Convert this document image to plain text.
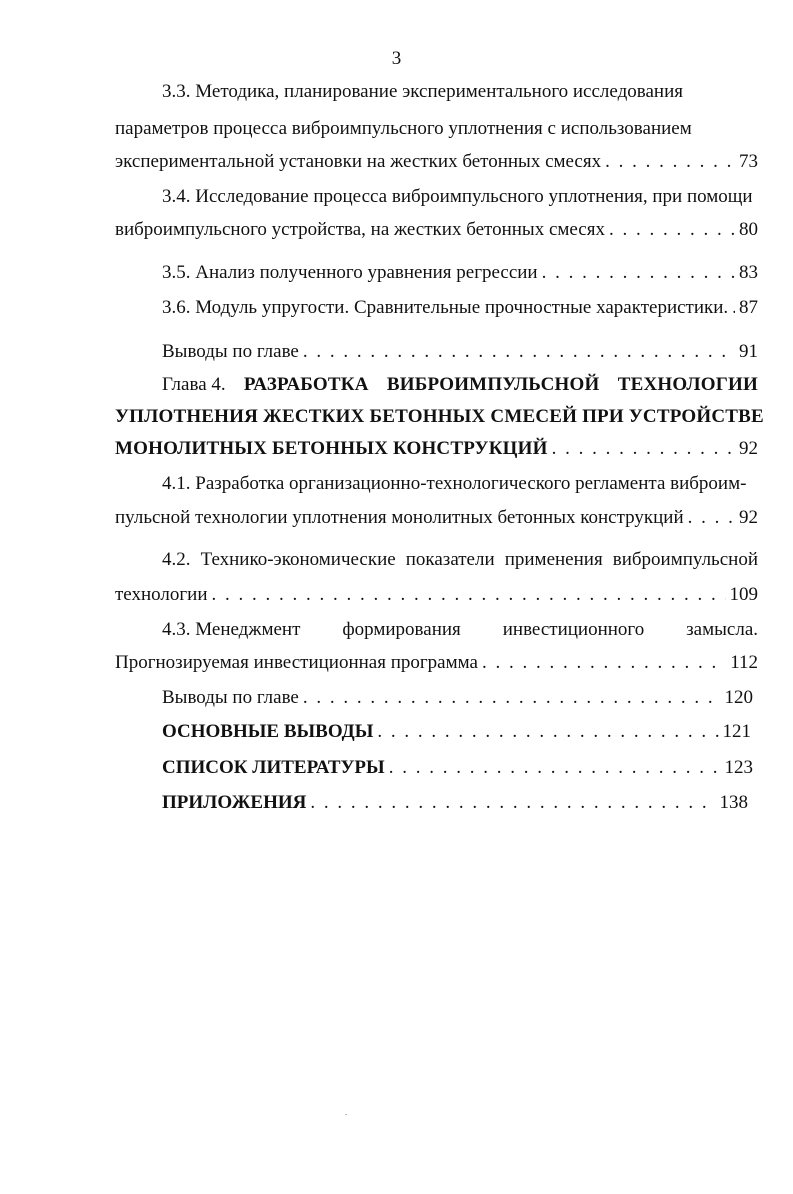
3
3.3. Методика, планирование экспериментального исследования
параметров процесса виброимпульсного уплотнения с использованием
экспериментальной установки на жестких бетонных смесях . . .	73
3.4. Исследование процесса виброимпульсного уплотнения, при помощи
виброимпульсного устройства, на жестких бетонных смесях . . .	80
3.5. Анализ полученного уравнения регрессии . . .	83
3.6. Модуль упругости. Сравнительные прочностные характеристики. . . . 87
Выводы по главе . . .	91
Глава 4. РАЗРАБОТКА ВИБРОИМПУЛЬСНОЙ ТЕХНОЛОГИИ
УПЛОТНЕНИЯ ЖЕСТКИХ БЕТОННЫХ СМЕСЕЙ ПРИ УСТРОЙСТВЕ
МОНОЛИТНЫХ БЕТОННЫХ КОНСТРУКЦИЙ . . .	92
4.1. Разработка организационно-технологического регламента виброим-
пульсной технологии уплотнения монолитных бетонных конструкций . . .	92
4.2. Технико-экономические показатели применения виброимпульсной
технологии . . .	109
4.3. Менеджмент формирования инвестиционного замысла.
Прогнозируемая инвестиционная программа . . .	112
Выводы по главе . . .	120
ОСНОВНЫЕ ВЫВОДЫ . . .	121
СПИСОК ЛИТЕРАТУРЫ . . .	123
ПРИЛОЖЕНИЯ . . .	138
